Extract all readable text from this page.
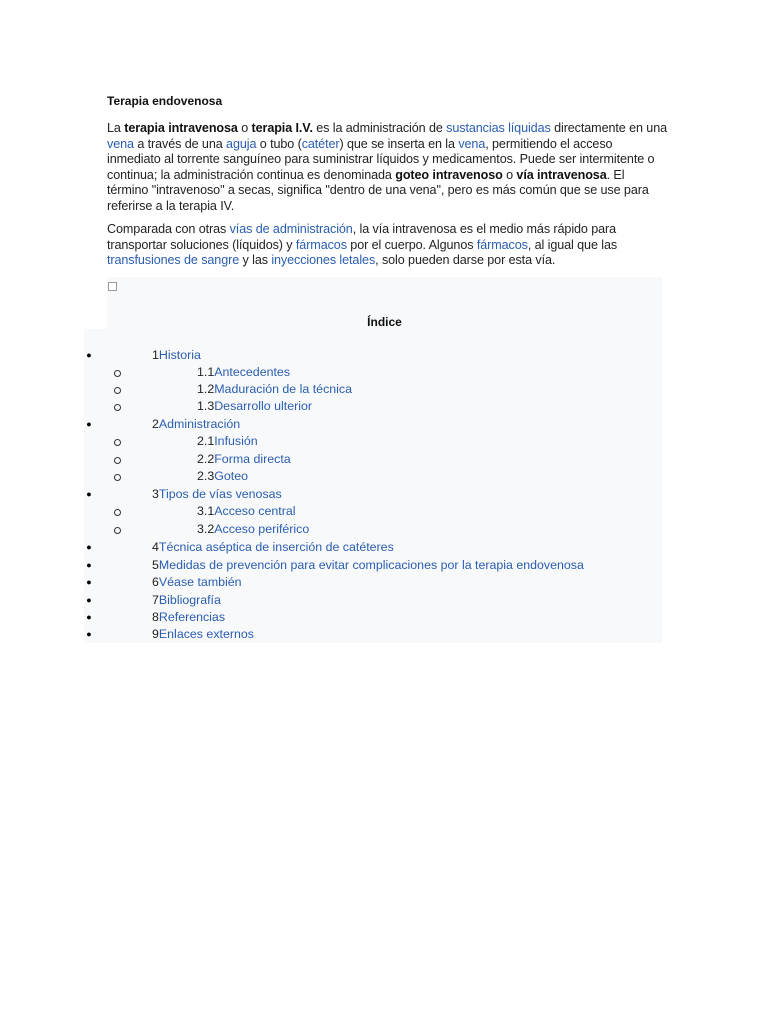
Terapia endovenosa
La terapia intravenosa o terapia I.V. es la administración de sustancias líquidas directamente en una vena a través de una aguja o tubo (catéter) que se inserta en la vena, permitiendo el acceso inmediato al torrente sanguíneo para suministrar líquidos y medicamentos. Puede ser intermitente o continua; la administración continua es denominada goteo intravenoso o vía intravenosa. El término "intravenoso" a secas, significa "dentro de una vena", pero es más común que se use para referirse a la terapia IV.
Comparada con otras vías de administración, la vía intravenosa es el medio más rápido para transportar soluciones (líquidos) y fármacos por el cuerpo. Algunos fármacos, al igual que las transfusiones de sangre y las inyecciones letales, solo pueden darse por esta vía.
Índice
●	1Historia
1.1Antecedentes
1.2Maduración de la técnica
1.3Desarrollo ulterior
●	2Administración
2.1Infusión
2.2Forma directa
2.3Goteo
●	3Tipos de vías venosas
3.1Acceso central
3.2Acceso periférico
●	4Técnica aséptica de inserción de catéteres
●	5Medidas de prevención para evitar complicaciones por la terapia endovenosa
●	6Véase también
●	7Bibliografía
●	8Referencias
●	9Enlaces externos
